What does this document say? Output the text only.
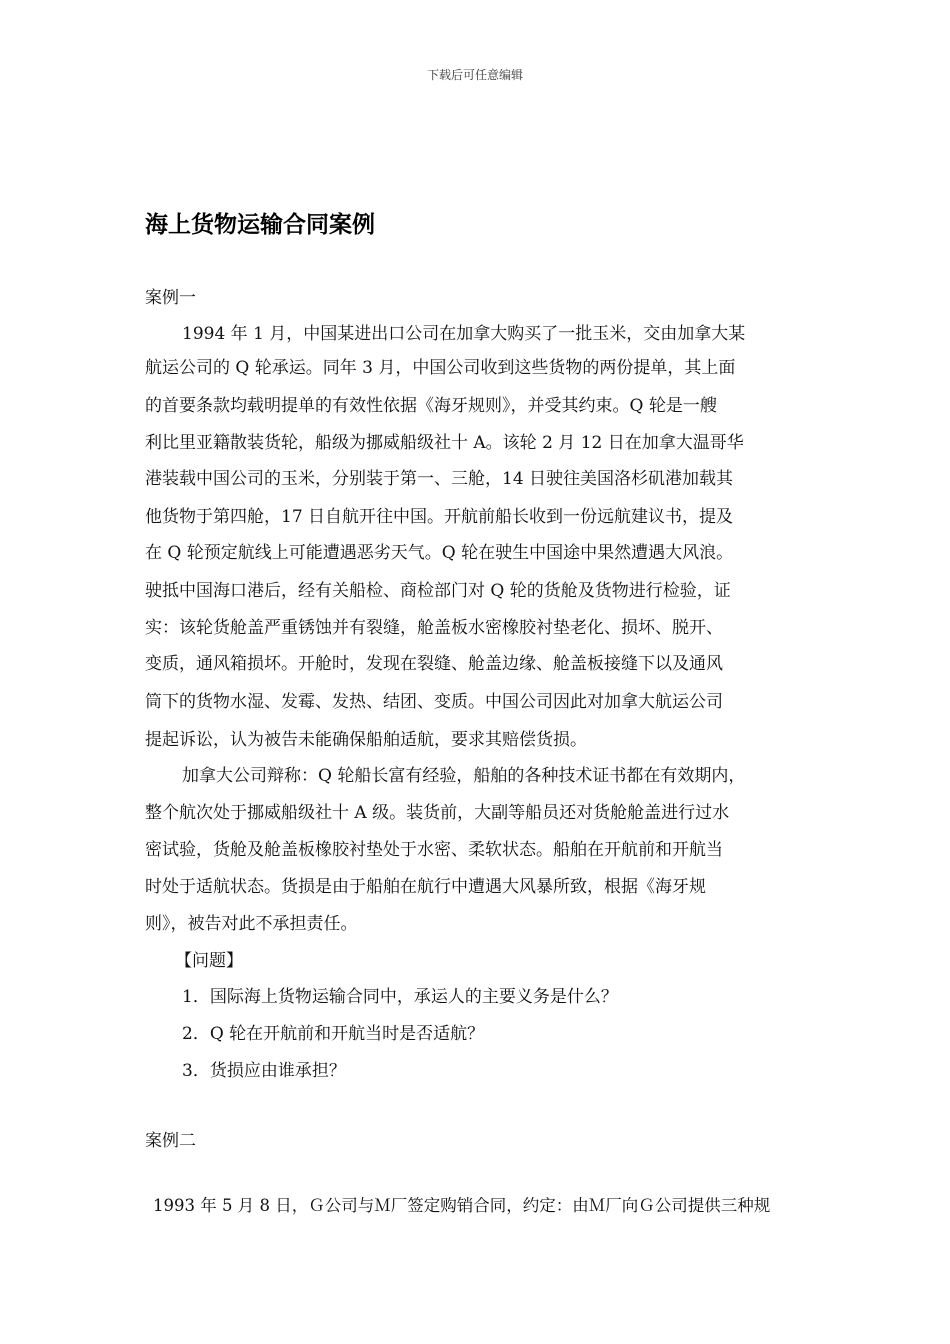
下载后可任意编辑
海上货物运输合同案例
案例一
1994 年 1 月，中国某进出口公司在加拿大购买了一批玉米，交由加拿大某
航运公司的 Q 轮承运。同年 3 月，中国公司收到这些货物的两份提单，其上面
的首要条款均载明提单的有效性依据《海牙规则》，并受其约束。Q 轮是一艘
利比里亚籍散装货轮，船级为挪威船级社十 A。该轮 2 月 12 日在加拿大温哥华
港装载中国公司的玉米，分别装于第一、三舱，14 日驶往美国洛杉矶港加载其
他货物于第四舱，17 日自航开往中国。开航前船长收到一份远航建议书，提及
在 Q 轮预定航线上可能遭遇恶劣天气。Q 轮在驶生中国途中果然遭遇大风浪。
驶抵中国海口港后，经有关船检、商检部门对 Q 轮的货舱及货物进行检验，证
实：该轮货舱盖严重锈蚀并有裂缝，舱盖板水密橡胶衬垫老化、损坏、脱开、
变质，通风箱损坏。开舱时，发现在裂缝、舱盖边缘、舱盖板接缝下以及通风
筒下的货物水湿、发霉、发热、结团、变质。中国公司因此对加拿大航运公司
提起诉讼，认为被告未能确保船舶适航，要求其赔偿货损。
加拿大公司辩称：Q 轮船长富有经验，船舶的各种技术证书都在有效期内，
整个航次处于挪威船级社十 A 级。装货前，大副等船员还对货舱舱盖进行过水
密试验，货舱及舱盖板橡胶衬垫处于水密、柔软状态。船舶在开航前和开航当
时处于适航状态。货损是由于船舶在航行中遭遇大风暴所致，根据《海牙规
则》，被告对此不承担责任。
【问题】
1．国际海上货物运输合同中，承运人的主要义务是什么？
2．Q 轮在开航前和开航当时是否适航？
3．货损应由谁承担？
案例二
1993 年 5 月 8 日，Ｇ公司与Ｍ厂签定购销合同，约定：由Ｍ厂向Ｇ公司提供三种规
